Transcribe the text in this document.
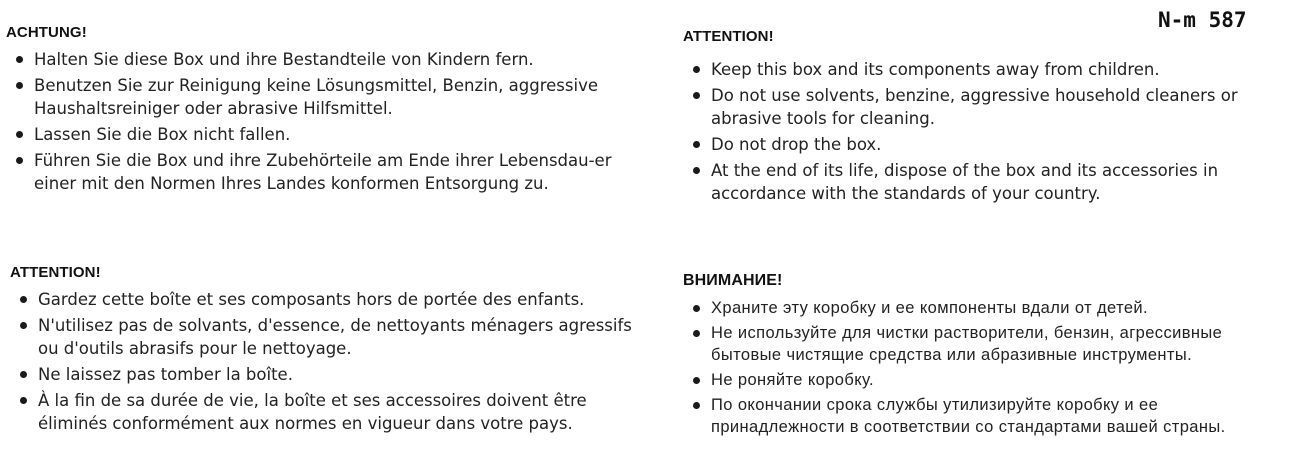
N-m 587
ACHTUNG!
Halten Sie diese Box und ihre Bestandteile von Kindern fern.
Benutzen Sie zur Reinigung keine Lösungsmittel, Benzin, aggressive Haushaltsreiniger oder abrasive Hilfsmittel.
Lassen Sie die Box nicht fallen.
Führen Sie die Box und ihre Zubehörteile am Ende ihrer Lebensdau-er einer mit den Normen Ihres Landes konformen Entsorgung zu.
ATTENTION!
Keep this box and its components away from children.
Do not use solvents, benzine, aggressive household cleaners or abrasive tools for cleaning.
Do not drop the box.
At the end of its life, dispose of the box and its accessories in accordance with the standards of your country.
ATTENTION!
Gardez cette boîte et ses composants hors de portée des enfants.
N'utilisez pas de solvants, d'essence, de nettoyants ménagers agressifs ou d'outils abrasifs pour le nettoyage.
Ne laissez pas tomber la boîte.
À la fin de sa durée de vie, la boîte et ses accessoires doivent être éliminés conformément aux normes en vigueur dans votre pays.
ВНИМАНИЕ!
Храните эту коробку и ее компоненты вдали от детей.
Не используйте для чистки растворители, бензин, агрессивные бытовые чистящие средства или абразивные инструменты.
Не роняйте коробку.
По окончании срока службы утилизируйте коробку и ее принадлежности в соответствии со стандартами вашей страны.
